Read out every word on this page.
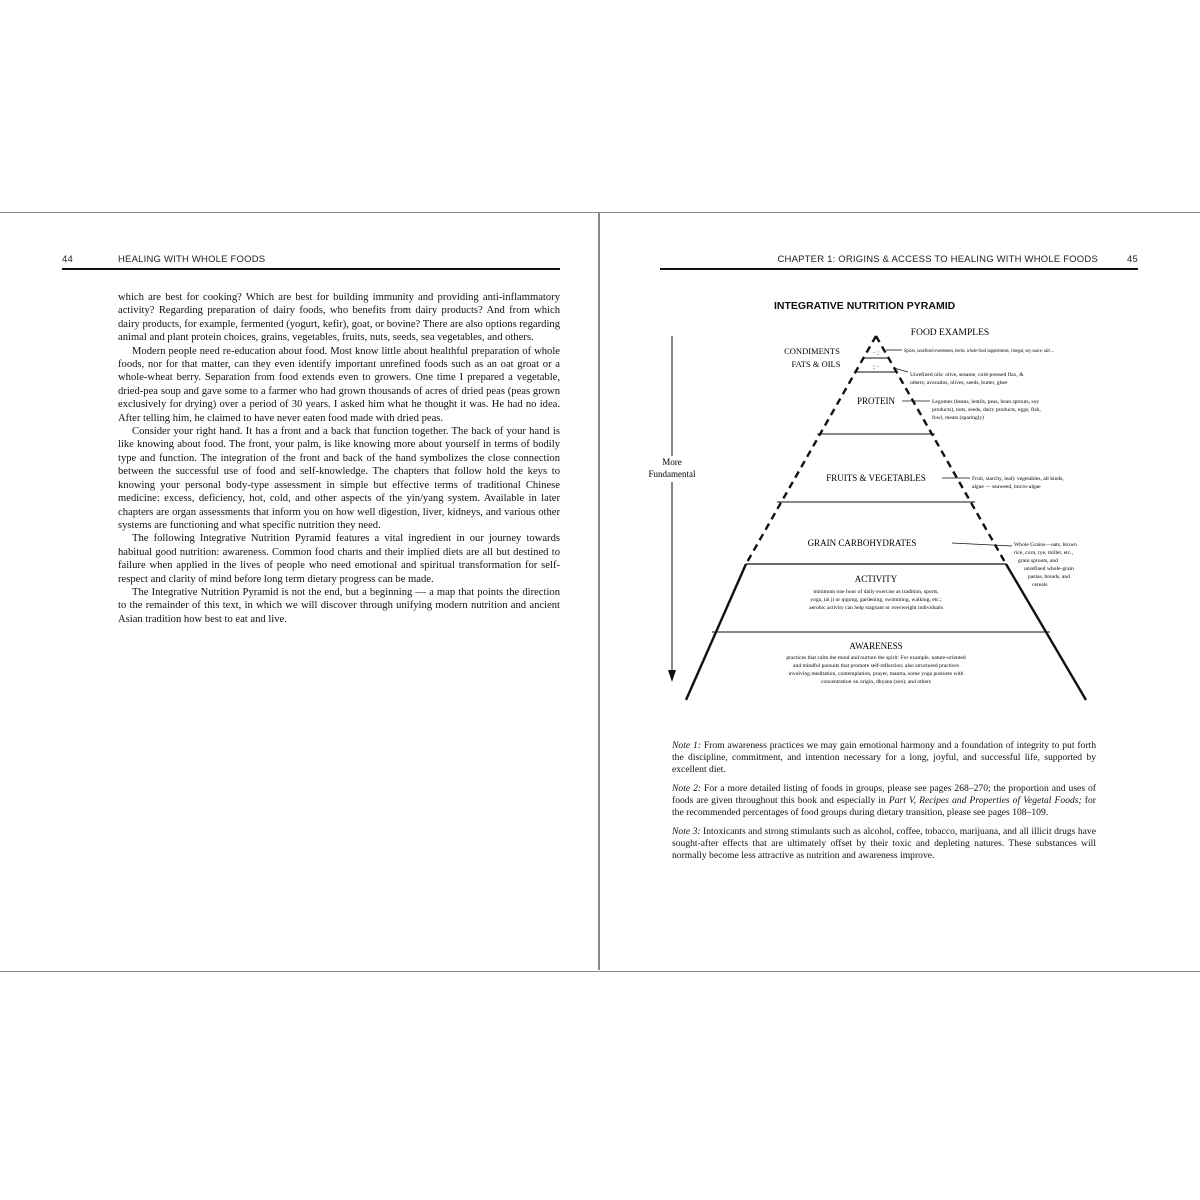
44	HEALING WITH WHOLE FOODS

which are best for cooking? Which are best for building immunity and providing anti-inflammatory activity? Regarding preparation of dairy foods, who benefits from dairy products? And from which dairy products, for example, fermented (yogurt, kefir), goat, or bovine? There are also options regarding animal and plant protein choices, grains, vegetables, fruits, nuts, seeds, sea vegetables, and others.

Modern people need re-education about food. Most know little about healthful preparation of whole foods, nor for that matter, can they even identify important unrefined foods such as an oat groat or a whole-wheat berry. Separation from food extends even to growers. One time I prepared a vegetable, dried-pea soup and gave some to a farmer who had grown thousands of acres of dried peas (peas grown exclusively for drying) over a period of 30 years. I asked him what he thought it was. He had no idea. After telling him, he claimed to have never eaten food made with dried peas.

Consider your right hand. It has a front and a back that function together. The back of your hand is like knowing about food. The front, your palm, is like knowing more about yourself in terms of bodily type and function. The integration of the front and back of the hand symbolizes the close connection between the successful use of food and self-knowledge. The chapters that follow hold the keys to knowing your personal body-type assessment in simple but effective terms of traditional Chinese medicine: excess, deficiency, hot, cold, and other aspects of the yin/yang system. Available in later chapters are organ assessments that inform you on how well digestion, liver, kidneys, and various other systems are functioning and what specific nutrition they need.

The following Integrative Nutrition Pyramid features a vital ingredient in our journey towards habitual good nutrition: awareness. Common food charts and their implied diets are all but destined to failure when applied in the lives of people who need emotional and spiritual transformation for self-respect and clarity of mind before long term dietary progress can be made.

The Integrative Nutrition Pyramid is not the end, but a beginning — a map that points the direction to the remainder of this text, in which we will discover through unifying modern nutrition and ancient Asian tradition how best to eat and live.

CHAPTER 1: ORIGINS & ACCESS TO HEALING WITH WHOLE FOODS	45
INTEGRATIVE NUTRITION PYRAMID
More
Fundamental
· :
: ·
FOOD EXAMPLES
CONDIMENTS
FATS & OILS
Spices, unrefined sweeteners, herbs, whole-food supplements, vinegar, soy sauce, salt ...
Unrefined oils: olive, sesame, cold-pressed flax, &
others; avocados, olives, seeds, butter, ghee
PROTEIN	Legumes (beans, lentils, peas, bean sprouts, soy
products), nuts, seeds, dairy products, eggs, fish,
fowl, meats (sparingly)
FRUITS & VEGETABLES	Fruit, starchy, leafy vegetables, all kinds,
algae — seaweed, micro-algae
GRAIN CARBOHYDRATES	Whole Grains—oats, brown
rice, corn, rye, millet, etc.,
grain sprouts, and
unrefined whole-grain
pastas, breads, and
cereals
ACTIVITY
minimum one hour of daily exercise as tradition, sports,
yoga, tai ji or qigong, gardening, swimming, walking, etc.;
aerobic activity can help stagnant or overweight individuals
AWARENESS
practices that calm the mind and nurture the spirit: For example, nature-oriented
and mindful pursuits that promote self-reflection; also structured practices
involving meditation, contemplation, prayer, mantra, some yoga postures with
concentration on origin, dhyana (zen), and others

Note 1: From awareness practices we may gain emotional harmony and a foundation of integrity to put forth the discipline, commitment, and intention necessary for a long, joyful, and successful life, supported by excellent diet.

Note 2: For a more detailed listing of foods in groups, please see pages 268–270; the proportion and uses of foods are given throughout this book and especially in Part V, Recipes and Properties of Vegetal Foods; for the recommended percentages of food groups during dietary transition, please see pages 108–109.

Note 3: Intoxicants and strong stimulants such as alcohol, coffee, tobacco, marijuana, and all illicit drugs have sought-after effects that are ultimately offset by their toxic and depleting natures. These substances will normally become less attractive as nutrition and awareness improve.
